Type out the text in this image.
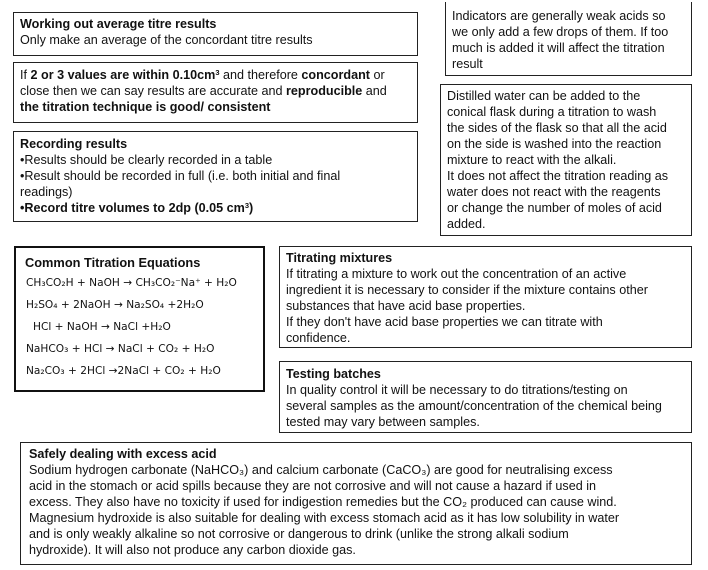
Working out average titre results
Only make an average of the concordant titre results
Indicators are generally weak acids so
we only add a few drops of them. If too
much is added it will affect the titration
result
If 2 or 3 values are within $0.10cm^3$ and therefore concordant or
close then we can say results are accurate and reproducible and
the titration technique is good/ consistent
Distilled water can be added to the
conical flask during a titration to wash
the sides of the flask so that all the acid
on the side is washed into the reaction
mixture to react with the alkali.
It does not affect the titration reading as
water does not react with the reagents
or change the number of moles of acid
added.
Recording results
•Results should be clearly recorded in a table
•Result should be recorded in full (i.e. both initial and final
readings)
•Record titre volumes to 2dp (0.05 $cm^3$)
Common Titration Equations
CH₃CO₂H + NaOH → CH₃CO₂⁻Na⁺ + H₂O
H₂SO₄ + 2NaOH → Na₂SO₄ +2H₂O
HCl + NaOH → NaCl +H₂O
NaHCO₃ + HCl → NaCl + CO₂ + H₂O
Na₂CO₃ + 2HCl →2NaCl + CO₂ + H₂O
Titrating mixtures
If titrating a mixture to work out the concentration of an active
ingredient it is necessary to consider if the mixture contains other
substances that have acid base properties.
If they don't have acid base properties we can titrate with
confidence.
Testing batches
In quality control it will be necessary to do titrations/testing on
several samples as the amount/concentration of the chemical being
tested may vary between samples.
Safely dealing with excess acid
Sodium hydrogen carbonate (NaHCO₃) and calcium carbonate (CaCO₃) are good for neutralising excess
acid in the stomach or acid spills because they are not corrosive and will not cause a hazard if used in
excess. They also have no toxicity if used for indigestion remedies but the CO₂ produced can cause wind.
Magnesium hydroxide is also suitable for dealing with excess stomach acid as it has low solubility in water
and is only weakly alkaline so not corrosive or dangerous to drink (unlike the strong alkali sodium
hydroxide). It will also not produce any carbon dioxide gas.
